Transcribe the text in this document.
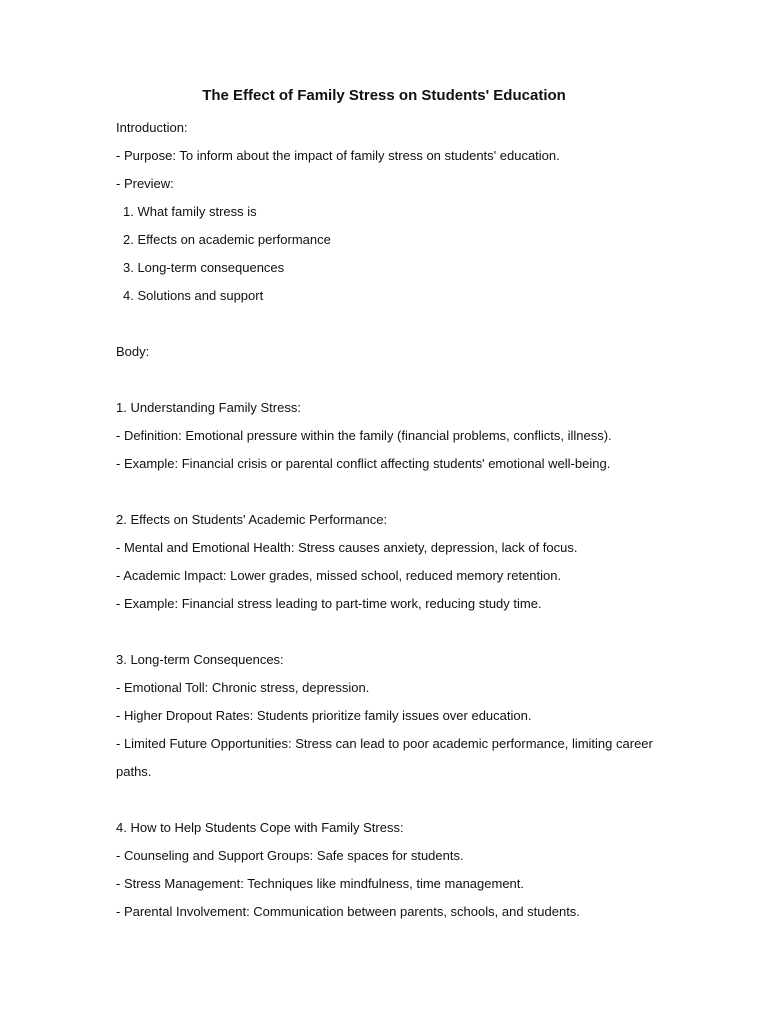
The Effect of Family Stress on Students' Education
Introduction:
- Purpose: To inform about the impact of family stress on students' education.
- Preview:
1. What family stress is
2. Effects on academic performance
3. Long-term consequences
4. Solutions and support
Body:
1. Understanding Family Stress:
- Definition: Emotional pressure within the family (financial problems, conflicts, illness).
- Example: Financial crisis or parental conflict affecting students' emotional well-being.
2. Effects on Students' Academic Performance:
- Mental and Emotional Health: Stress causes anxiety, depression, lack of focus.
- Academic Impact: Lower grades, missed school, reduced memory retention.
- Example: Financial stress leading to part-time work, reducing study time.
3. Long-term Consequences:
- Emotional Toll: Chronic stress, depression.
- Higher Dropout Rates: Students prioritize family issues over education.
- Limited Future Opportunities: Stress can lead to poor academic performance, limiting career
paths.
4. How to Help Students Cope with Family Stress:
- Counseling and Support Groups: Safe spaces for students.
- Stress Management: Techniques like mindfulness, time management.
- Parental Involvement: Communication between parents, schools, and students.
